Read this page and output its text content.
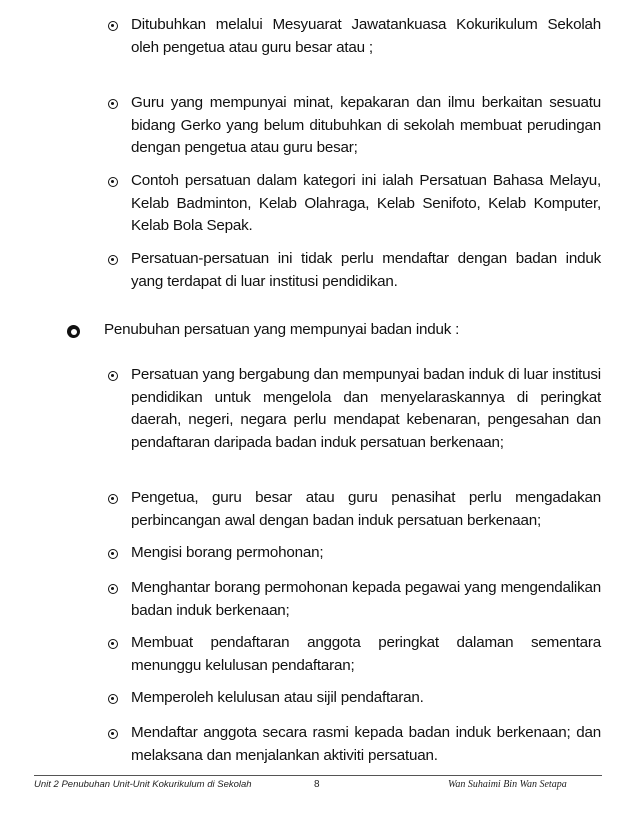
Ditubuhkan melalui Mesyuarat Jawatankuasa Kokurikulum Sekolah oleh pengetua atau guru besar atau ;
Guru yang mempunyai minat, kepakaran dan ilmu berkaitan sesuatu bidang Gerko yang belum ditubuhkan di sekolah membuat perudingan dengan pengetua atau guru besar;
Contoh persatuan dalam kategori ini ialah Persatuan Bahasa Melayu, Kelab Badminton, Kelab Olahraga, Kelab Senifoto, Kelab Komputer, Kelab Bola Sepak.
Persatuan-persatuan ini tidak perlu mendaftar dengan badan induk yang terdapat di luar institusi pendidikan.
Penubuhan persatuan yang mempunyai badan induk :
Persatuan yang bergabung dan mempunyai badan induk di luar institusi pendidikan untuk mengelola dan menyelaraskannya di peringkat daerah, negeri, negara perlu mendapat kebenaran, pengesahan dan pendaftaran daripada badan induk persatuan berkenaan;
Pengetua, guru besar atau guru penasihat perlu mengadakan perbincangan awal dengan badan induk persatuan berkenaan;
Mengisi borang permohonan;
Menghantar borang permohonan kepada pegawai yang mengendalikan badan induk berkenaan;
Membuat pendaftaran anggota peringkat dalaman sementara menunggu kelulusan pendaftaran;
Memperoleh kelulusan atau sijil pendaftaran.
Mendaftar anggota secara rasmi kepada badan induk berkenaan; dan melaksana dan menjalankan aktiviti persatuan.
Unit 2 Penubuhan Unit-Unit Kokurikulum di Sekolah	8	Wan Suhaimi Bin Wan Setapa
